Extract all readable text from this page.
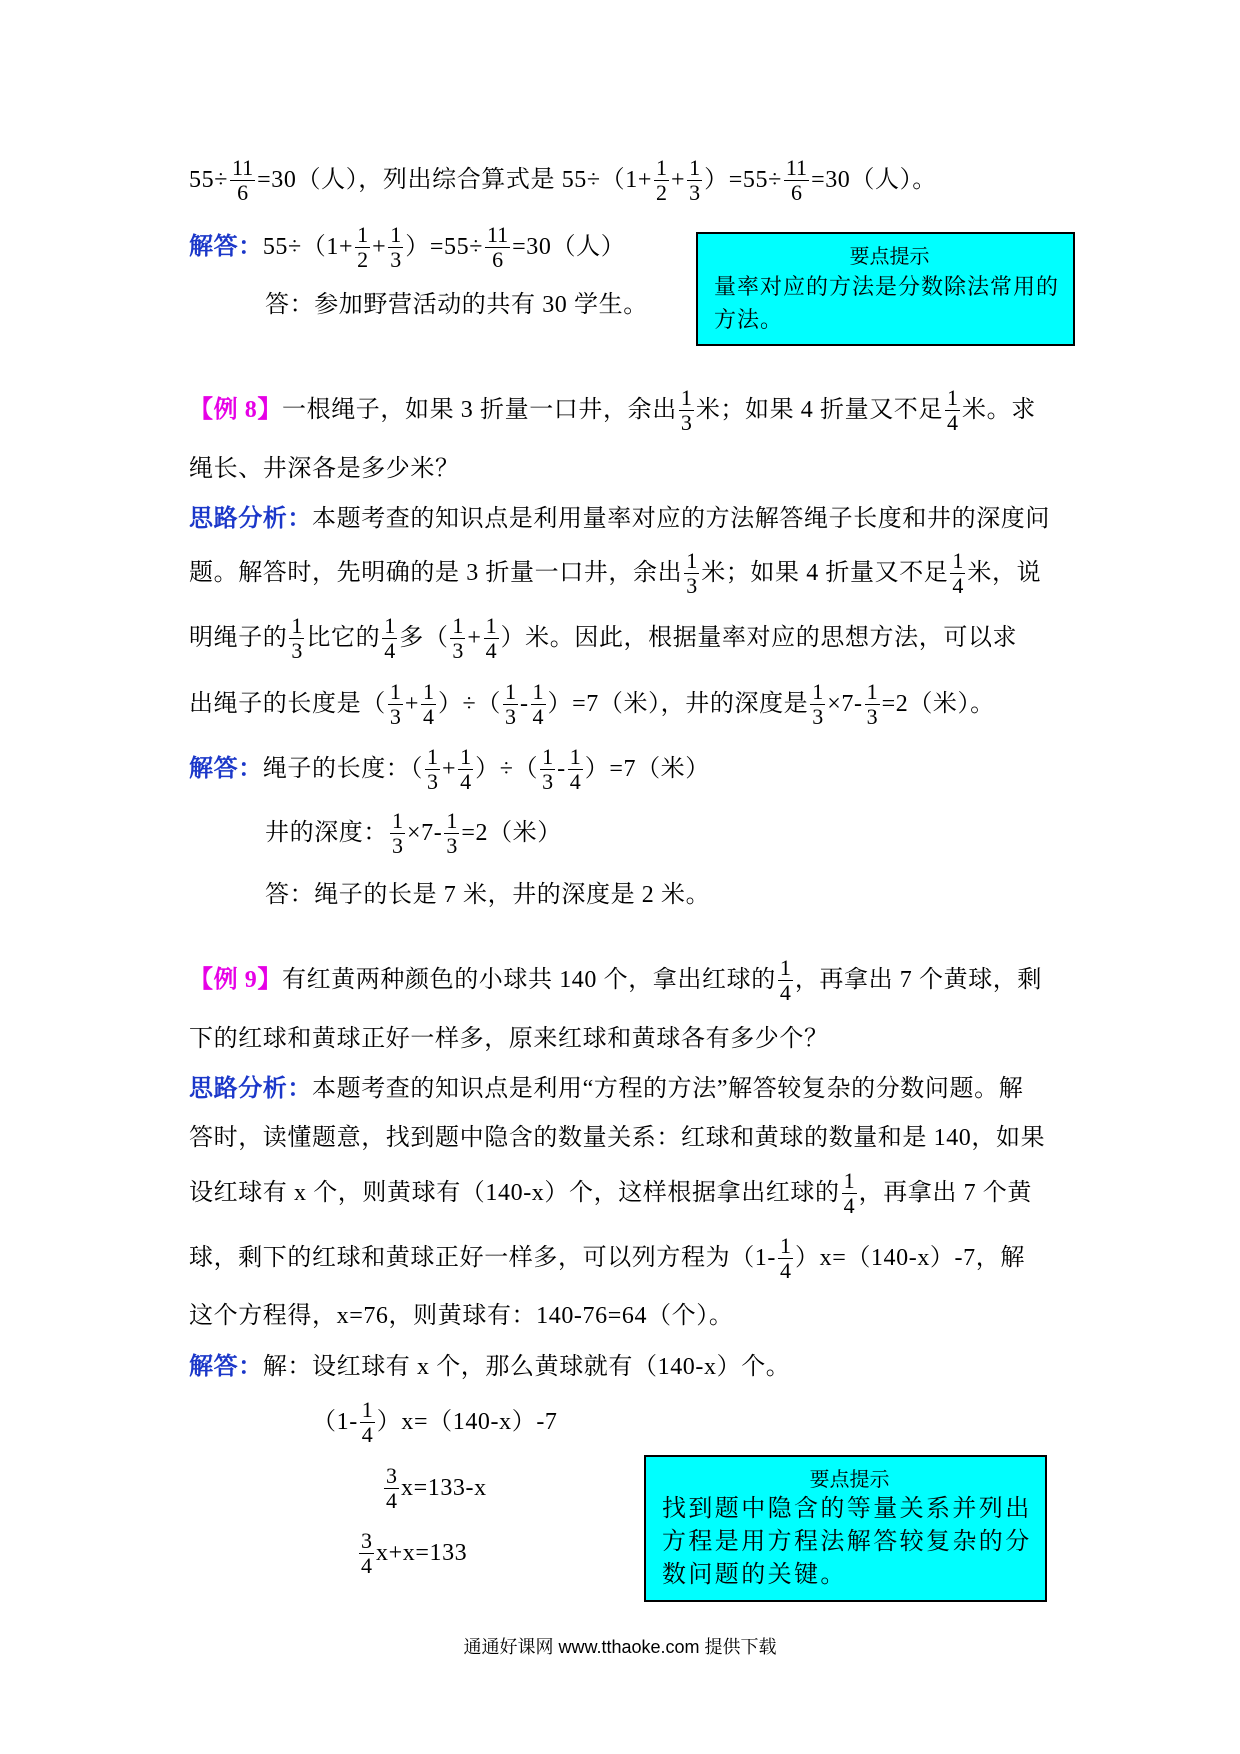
$55\div \frac{11}{6} =30$（人），列出综合算式是 $55\div(1+ \frac{1}{2} + \frac{1}{3} )=55\div \frac{11}{6} =30$（人）。
解答： $55\div(1+ \frac{1}{2} + \frac{1}{3} )=55\div \frac{11}{6} =30$（人）
答：参加野营活动的共有 30 学生。
要点提示
量率对应的方法是分数除法常用的方法。
【例 8】 一根绳子，如果 3 折量一口井，余出 $\frac{1}{3}$ 米；如果 4 折量又不足 $\frac{1}{4}$ 米。求
绳长、井深各是多少米？
思路分析： 本题考查的知识点是利用量率对应的方法解答绳子长度和井的深度问
题。解答时，先明确的是 3 折量一口井，余出 $\frac{1}{3}$ 米；如果 4 折量又不足 $\frac{1}{4}$ 米，说
明绳子的 $\frac{1}{3}$ 比它的 $\frac{1}{4}$ 多（ $\frac{1}{3} + \frac{1}{4}$ ）米。因此，根据量率对应的思想方法，可以求
出绳子的长度是（ $\frac{1}{3} + \frac{1}{4}$ ）÷（ $\frac{1}{3} - \frac{1}{4} )=7$（米），井的深度是 $\frac{1}{3} \times 7- \frac{1}{3} =2$（米）。
解答： 绳子的长度：（ $\frac{1}{3} + \frac{1}{4}$ ）÷（ $\frac{1}{3} - \frac{1}{4} )=7$（米）
井的深度： $\frac{1}{3} \times 7- \frac{1}{3} =2$（米）
答：绳子的长是 7 米，井的深度是 2 米。
【例 9】 有红黄两种颜色的小球共 140 个，拿出红球的 $\frac{1}{4}$ ，再拿出 7 个黄球，剩
下的红球和黄球正好一样多，原来红球和黄球各有多少个？
思路分析： 本题考查的知识点是利用“方程的方法”解答较复杂的分数问题。解
答时，读懂题意，找到题中隐含的数量关系：红球和黄球的数量和是 140，如果
设红球有 x 个，则黄球有（140-x）个，这样根据拿出红球的 $\frac{1}{4}$ ，再拿出 7 个黄
球，剩下的红球和黄球正好一样多，可以列方程为$(1- \frac{1}{4} )x=(140-x)-7$，解
这个方程得，x=76，则黄球有：140-76=64（个）。
解答： 解：设红球有 x 个，那么黄球就有（140-x）个。
$(1- \frac{1}{4} )x=(140-x)-7$
$\frac{3}{4} x=133-x$
$\frac{3}{4} x+x=133$
要点提示
找到题中隐含的等量关系并列出方程是用方程法解答较复杂的分数问题的关键。
通通好课网 www.tthaoke.com 提供下载
